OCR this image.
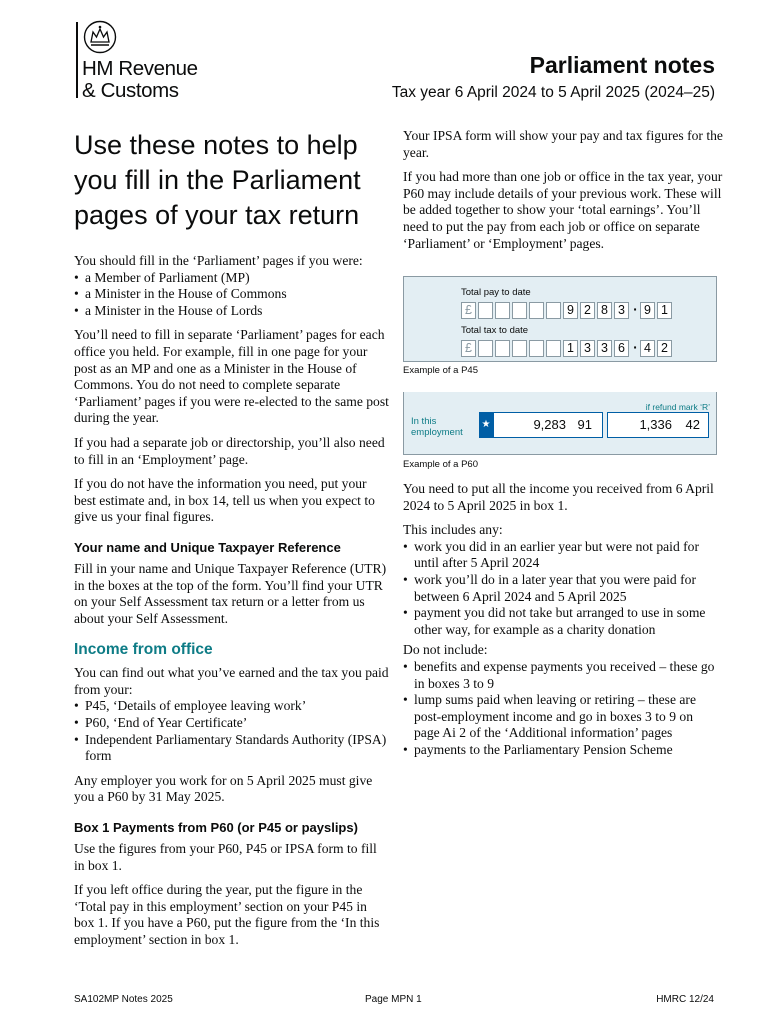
HM Revenue
& Customs
Parliament notes
Tax year 6 April 2024 to 5 April 2025 (2024–25)
Use these notes to help you fill in the Parliament pages of your tax return
You should fill in the ‘Parliament’ pages if you were:
• a Member of Parliament (MP)
• a Minister in the House of Commons
• a Minister in the House of Lords
You’ll need to fill in separate ‘Parliament’ pages for each office you held. For example, fill in one page for your post as an MP and one as a Minister in the House of Commons. You do not need to complete separate ‘Parliament’ pages if you were re-elected to the same post during the year.
If you had a separate job or directorship, you’ll also need to fill in an ‘Employment’ page.
If you do not have the information you need, put your best estimate and, in box 14, tell us when you expect to give us your final figures.
Your name and Unique Taxpayer Reference
Fill in your name and Unique Taxpayer Reference (UTR) in the boxes at the top of the form. You’ll find your UTR on your Self Assessment tax return or a letter from us about your Self Assessment.
Income from office
You can find out what you’ve earned and the tax you paid from your:
• P45, ‘Details of employee leaving work’
• P60, ‘End of Year Certificate’
• Independent Parliamentary Standards Authority (IPSA) form
Any employer you work for on 5 April 2025 must give you a P60 by 31 May 2025.
Box 1 Payments from P60 (or P45 or payslips)
Use the figures from your P60, P45 or IPSA form to fill in box 1.
If you left office during the year, put the figure in the ‘Total pay in this employment’ section on your P45 in box 1. If you have a P60, put the figure from the ‘In this employment’ section in box 1.
Your IPSA form will show your pay and tax figures for the year.
If you had more than one job or office in the tax year, your P60 may include details of your previous work. These will be added together to show your ‘total earnings’. You’ll need to put the pay from each job or office on separate ‘Parliament’ or ‘Employment’ pages.
Total pay to date
£	9 2 8 3 · 9 1
Total tax to date
£	1 3 3 6 · 4 2
Example of a P45
if refund mark ‘R’
In this employment
★	9,283 91	1,336 42
Example of a P60
You need to put all the income you received from 6 April 2024 to 5 April 2025 in box 1.
This includes any:
• work you did in an earlier year but were not paid for until after 5 April 2024
• work you’ll do in a later year that you were paid for between 6 April 2024 and 5 April 2025
• payment you did not take but arranged to use in some other way, for example as a charity donation
Do not include:
• benefits and expense payments you received – these go in boxes 3 to 9
• lump sums paid when leaving or retiring – these are post-employment income and go in boxes 3 to 9 on page Ai 2 of the ‘Additional information’ pages
• payments to the Parliamentary Pension Scheme
SA102MP Notes 2025	Page MPN 1	HMRC 12/24
